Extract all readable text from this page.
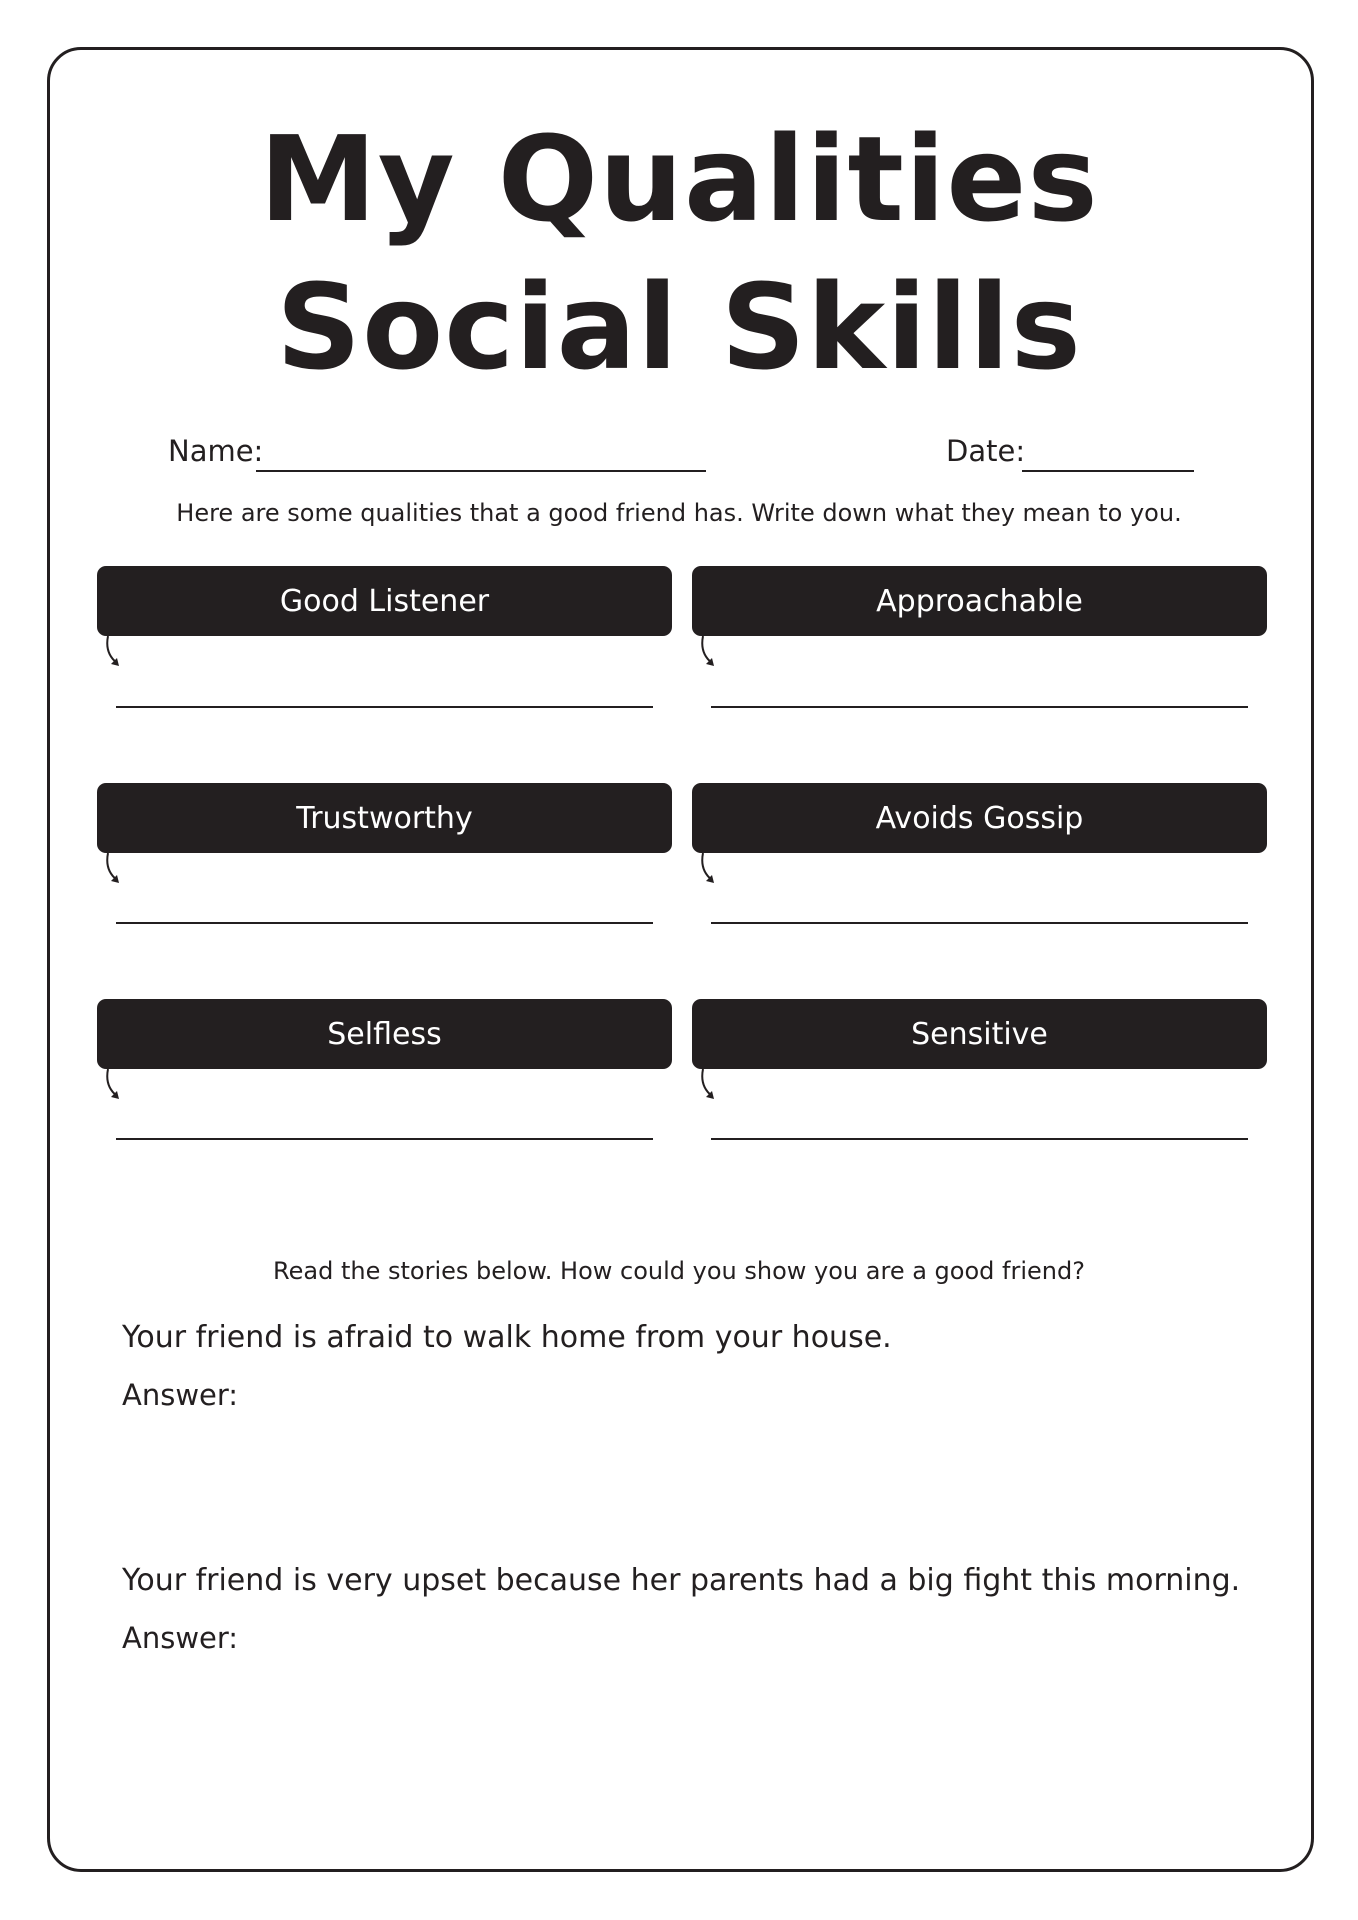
My Qualities
Social Skills
Name:	Date:
Here are some qualities that a good friend has. Write down what they mean to you.
Good Listener	Approachable
Trustworthy	Avoids Gossip
Selfless	Sensitive
Read the stories below. How could you show you are a good friend?
Your friend is afraid to walk home from your house.
Answer:
Your friend is very upset because her parents had a big fight this morning.
Answer:
